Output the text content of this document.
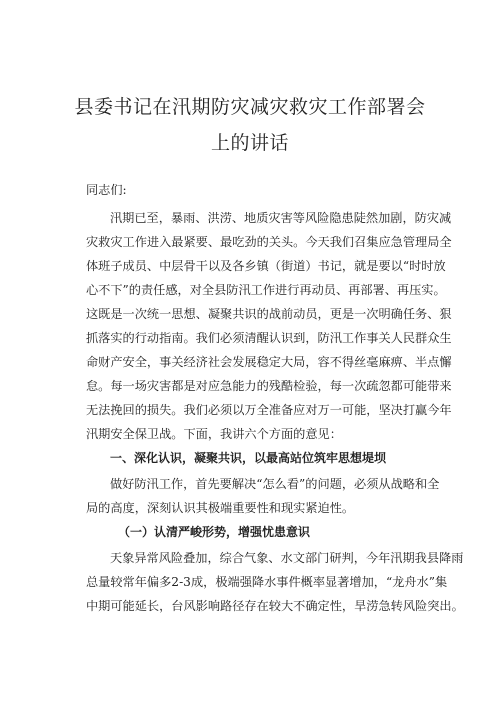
县委书记在汛期防灾减灾救灾工作部署会
上的讲话
同志们:
汛期已至，暴雨、洪涝、地质灾害等风险隐患陡然加剧，防灾减
灾救灾工作进入最紧要、最吃劲的关头。今天我们召集应急管理局全
体班子成员、中层骨干以及各乡镇（街道）书记，就是要以“时时放
心不下”的责任感，对全县防汛工作进行再动员、再部署、再压实。
这既是一次统一思想、凝聚共识的战前动员，更是一次明确任务、狠
抓落实的行动指南。我们必须清醒认识到，防汛工作事关人民群众生
命财产安全，事关经济社会发展稳定大局，容不得丝毫麻痹、半点懈
怠。每一场灾害都是对应急能力的残酷检验，每一次疏忽都可能带来
无法挽回的损失。我们必须以万全准备应对万一可能，坚决打赢今年
汛期安全保卫战。下面，我讲六个方面的意见：
一、深化认识，凝聚共识，以最高站位筑牢思想堤坝
做好防汛工作，首先要解决“怎么看”的问题，必须从战略和全
局的高度，深刻认识其极端重要性和现实紧迫性。
（一）认清严峻形势，增强忧患意识
天象异常风险叠加，综合气象、水文部门研判，今年汛期我县降雨
总量较常年偏多2-3成，极端强降水事件概率显著增加，“龙舟水”集
中期可能延长，台风影响路径存在较大不确定性，旱涝急转风险突出。
